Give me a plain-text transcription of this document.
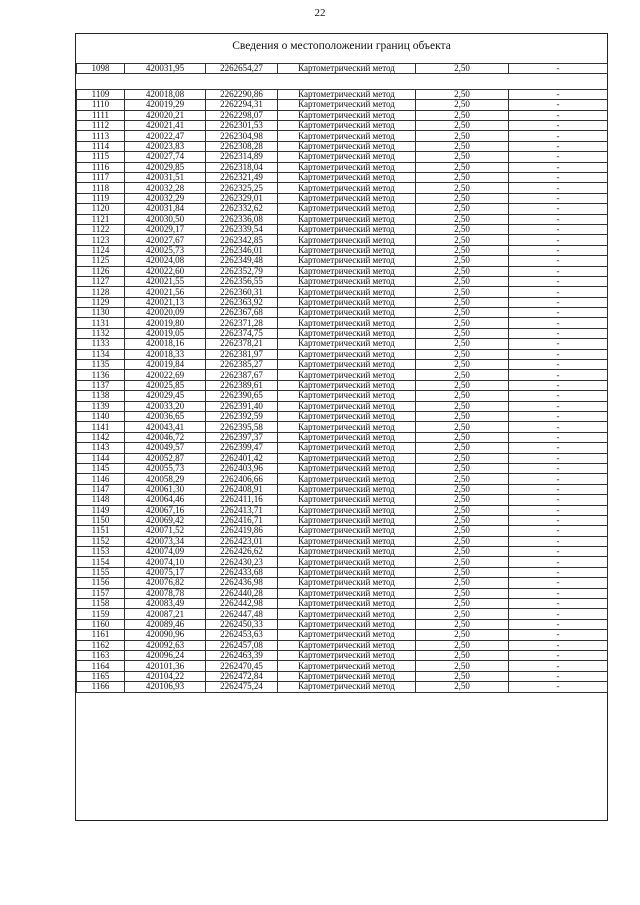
22
Сведения о местоположении границ объекта
1098	420031,95	2262654,27	Картометрический метод	2,50	-

1109	420018,08	2262290,86	Картометрический метод	2,50	-
1110	420019,29	2262294,31	Картометрический метод	2,50	-
1111	420020,21	2262298,07	Картометрический метод	2,50	-
1112	420021,41	2262301,53	Картометрический метод	2,50	-
1113	420022,47	2262304,98	Картометрический метод	2,50	-
1114	420023,83	2262308,28	Картометрический метод	2,50	-
1115	420027,74	2262314,89	Картометрический метод	2,50	-
1116	420029,85	2262318,04	Картометрический метод	2,50	-
1117	420031,51	2262321,49	Картометрический метод	2,50	-
1118	420032,28	2262325,25	Картометрический метод	2,50	-
1119	420032,29	2262329,01	Картометрический метод	2,50	-
1120	420031,84	2262332,62	Картометрический метод	2,50	-
1121	420030,50	2262336,08	Картометрический метод	2,50	-
1122	420029,17	2262339,54	Картометрический метод	2,50	-
1123	420027,67	2262342,85	Картометрический метод	2,50	-
1124	420025,73	2262346,01	Картометрический метод	2,50	-
1125	420024,08	2262349,48	Картометрический метод	2,50	-
1126	420022,60	2262352,79	Картометрический метод	2,50	-
1127	420021,55	2262356,55	Картометрический метод	2,50	-
1128	420021,56	2262360,31	Картометрический метод	2,50	-
1129	420021,13	2262363,92	Картометрический метод	2,50	-
1130	420020,09	2262367,68	Картометрический метод	2,50	-
1131	420019,80	2262371,28	Картометрический метод	2,50	-
1132	420019,05	2262374,75	Картометрический метод	2,50	-
1133	420018,16	2262378,21	Картометрический метод	2,50	-
1134	420018,33	2262381,97	Картометрический метод	2,50	-
1135	420019,84	2262385,27	Картометрический метод	2,50	-
1136	420022,69	2262387,67	Картометрический метод	2,50	-
1137	420025,85	2262389,61	Картометрический метод	2,50	-
1138	420029,45	2262390,65	Картометрический метод	2,50	-
1139	420033,20	2262391,40	Картометрический метод	2,50	-
1140	420036,65	2262392,59	Картометрический метод	2,50	-
1141	420043,41	2262395,58	Картометрический метод	2,50	-
1142	420046,72	2262397,37	Картометрический метод	2,50	-
1143	420049,57	2262399,47	Картометрический метод	2,50	-
1144	420052,87	2262401,42	Картометрический метод	2,50	-
1145	420055,73	2262403,96	Картометрический метод	2,50	-
1146	420058,29	2262406,66	Картометрический метод	2,50	-
1147	420061,30	2262408,91	Картометрический метод	2,50	-
1148	420064,46	2262411,16	Картометрический метод	2,50	-
1149	420067,16	2262413,71	Картометрический метод	2,50	-
1150	420069,42	2262416,71	Картометрический метод	2,50	-
1151	420071,52	2262419,86	Картометрический метод	2,50	-
1152	420073,34	2262423,01	Картометрический метод	2,50	-
1153	420074,09	2262426,62	Картометрический метод	2,50	-
1154	420074,10	2262430,23	Картометрический метод	2,50	-
1155	420075,17	2262433,68	Картометрический метод	2,50	-
1156	420076,82	2262436,98	Картометрический метод	2,50	-
1157	420078,78	2262440,28	Картометрический метод	2,50	-
1158	420083,49	2262442,98	Картометрический метод	2,50	-
1159	420087,21	2262447,48	Картометрический метод	2,50	-
1160	420089,46	2262450,33	Картометрический метод	2,50	-
1161	420090,96	2262453,63	Картометрический метод	2,50	-
1162	420092,63	2262457,08	Картометрический метод	2,50	-
1163	420096,24	2262463,39	Картометрический метод	2,50	-
1164	420101,36	2262470,45	Картометрический метод	2,50	-
1165	420104,22	2262472,84	Картометрический метод	2,50	-
1166	420106,93	2262475,24	Картометрический метод	2,50	-
